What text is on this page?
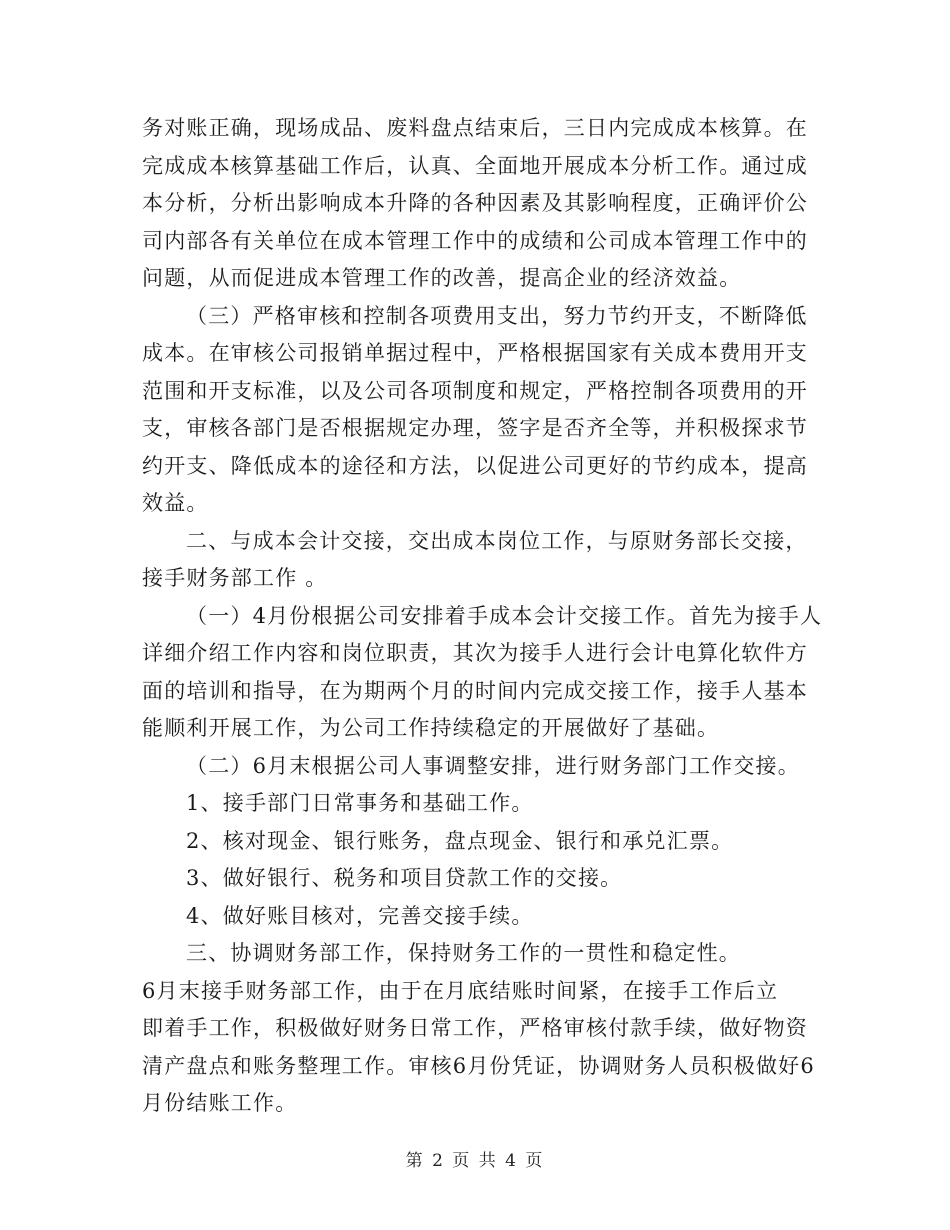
务对账正确，现场成品、废料盘点结束后，三日内完成成本核算。在
完成成本核算基础工作后，认真、全面地开展成本分析工作。通过成
本分析，分析出影响成本升降的各种因素及其影响程度，正确评价公
司内部各有关单位在成本管理工作中的成绩和公司成本管理工作中的
问题，从而促进成本管理工作的改善，提高企业的经济效益。
（三）严格审核和控制各项费用支出，努力节约开支，不断降低
成本。在审核公司报销单据过程中，严格根据国家有关成本费用开支
范围和开支标准，以及公司各项制度和规定，严格控制各项费用的开
支，审核各部门是否根据规定办理，签字是否齐全等，并积极探求节
约开支、降低成本的途径和方法，以促进公司更好的节约成本，提高
效益。
二、与成本会计交接，交出成本岗位工作，与原财务部长交接，
接手财务部工作 。
（一）4月份根据公司安排着手成本会计交接工作。首先为接手人
详细介绍工作内容和岗位职责，其次为接手人进行会计电算化软件方
面的培训和指导，在为期两个月的时间内完成交接工作，接手人基本
能顺利开展工作，为公司工作持续稳定的开展做好了基础。
（二）6月末根据公司人事调整安排，进行财务部门工作交接。
1、接手部门日常事务和基础工作。
2、核对现金、银行账务，盘点现金、银行和承兑汇票。
3、做好银行、税务和项目贷款工作的交接。
4、做好账目核对，完善交接手续。
三、协调财务部工作，保持财务工作的一贯性和稳定性。
6月末接手财务部工作，由于在月底结账时间紧，在接手工作后立
即着手工作，积极做好财务日常工作，严格审核付款手续，做好物资
清产盘点和账务整理工作。审核6月份凭证，协调财务人员积极做好6
月份结账工作。
第 2 页 共 4 页
